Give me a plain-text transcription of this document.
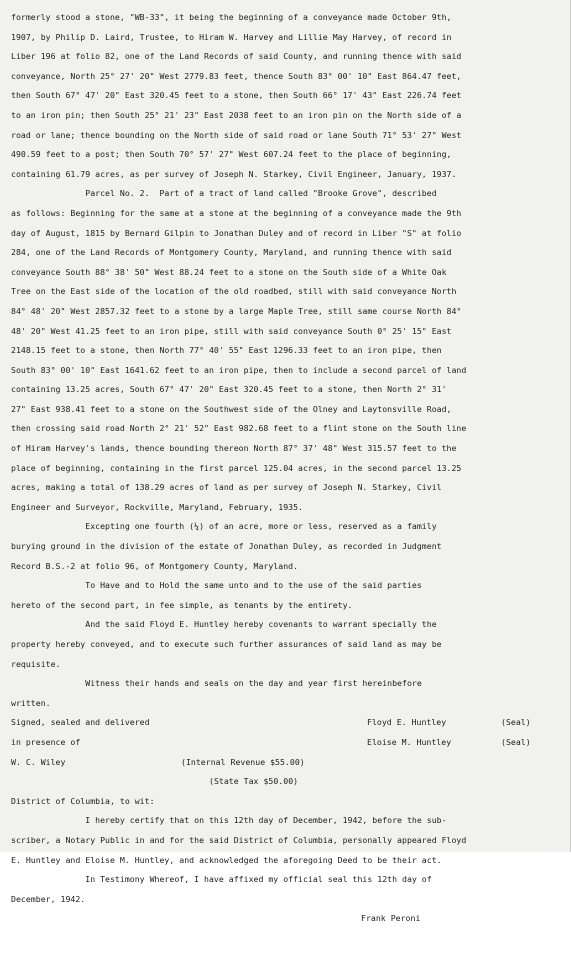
formerly stood a stone, "WB-33", it being the beginning of a conveyance made October 9th,
1907, by Philip D. Laird, Trustee, to Hiram W. Harvey and Lillie May Harvey, of record in
Liber 196 at folio 82, one of the Land Records of said County, and running thence with said
conveyance, North 25° 27' 20" West 2779.83 feet, thence South 83° 00' 10" East 864.47 feet,
then South 67° 47' 20" East 320.45 feet to a stone, then South 66° 17' 43" East 226.74 feet
to an iron pin; then South 25° 21' 23" East 2038 feet to an iron pin on the North side of a
road or lane; thence bounding on the North side of said road or lane South 71° 53' 27" West
490.59 feet to a post; then South 70° 57' 27" West 607.24 feet to the place of beginning,
containing 61.79 acres, as per survey of Joseph N. Starkey, Civil Engineer, January, 1937.
Parcel No. 2.  Part of a tract of land called "Brooke Grove", described
as follows: Beginning for the same at a stone at the beginning of a conveyance made the 9th
day of August, 1815 by Bernard Gilpin to Jonathan Duley and of record in Liber "S" at folio
284, one of the Land Records of Montgomery County, Maryland, and running thence with said
conveyance South 88° 38' 50" West 88.24 feet to a stone on the South side of a White Oak
Tree on the East side of the location of the old roadbed, still with said conveyance North
84° 48' 20" West 2857.32 feet to a stone by a large Maple Tree, still same course North 84°
48' 20" West 41.25 feet to an iron pipe, still with said conveyance South 0° 25' 15" East
2148.15 feet to a stone, then North 77° 40' 55" East 1296.33 feet to an iron pipe, then
South 83° 00' 10" East 1641.62 feet to an iron pipe, then to include a second parcel of land
containing 13.25 acres, South 67° 47' 20" East 320.45 feet to a stone, then North 2° 31'
27" East 938.41 feet to a stone on the Southwest side of the Olney and Laytonsville Road,
then crossing said road North 2° 21' 52" East 982.68 feet to a flint stone on the South line
of Hiram Harvey's lands, thence bounding thereon North 87° 37' 48" West 315.57 feet to the
place of beginning, containing in the first parcel 125.04 acres, in the second parcel 13.25
acres, making a total of 138.29 acres of land as per survey of Joseph N. Starkey, Civil
Engineer and Surveyor, Rockville, Maryland, February, 1935.
Excepting one fourth (¼) of an acre, more or less, reserved as a family
burying ground in the division of the estate of Jonathan Duley, as recorded in Judgment
Record B.S.-2 at folio 96, of Montgomery County, Maryland.
To Have and to Hold the same unto and to the use of the said parties
hereto of the second part, in fee simple, as tenants by the entirety.
And the said Floyd E. Huntley hereby covenants to warrant specially the
property hereby conveyed, and to execute such further assurances of said land as may be
requisite.
Witness their hands and seals on the day and year first hereinbefore
written.

Signed, sealed and delivered

	Floyd E. Huntley

	(Seal)

in presence of

	Eloise M. Huntley

	(Seal)

W. C. Wiley

	(Internal Revenue $55.00)

(State Tax $50.00)

District of Columbia, to wit:
I hereby certify that on this 12th day of December, 1942, before the sub-
scriber, a Notary Public in and for the said District of Columbia, personally appeared Floyd
E. Huntley and Eloise M. Huntley, and acknowledged the aforegoing Deed to be their act.
In Testimony Whereof, I have affixed my official seal this 12th day of
December, 1942.

Frank Peroni
